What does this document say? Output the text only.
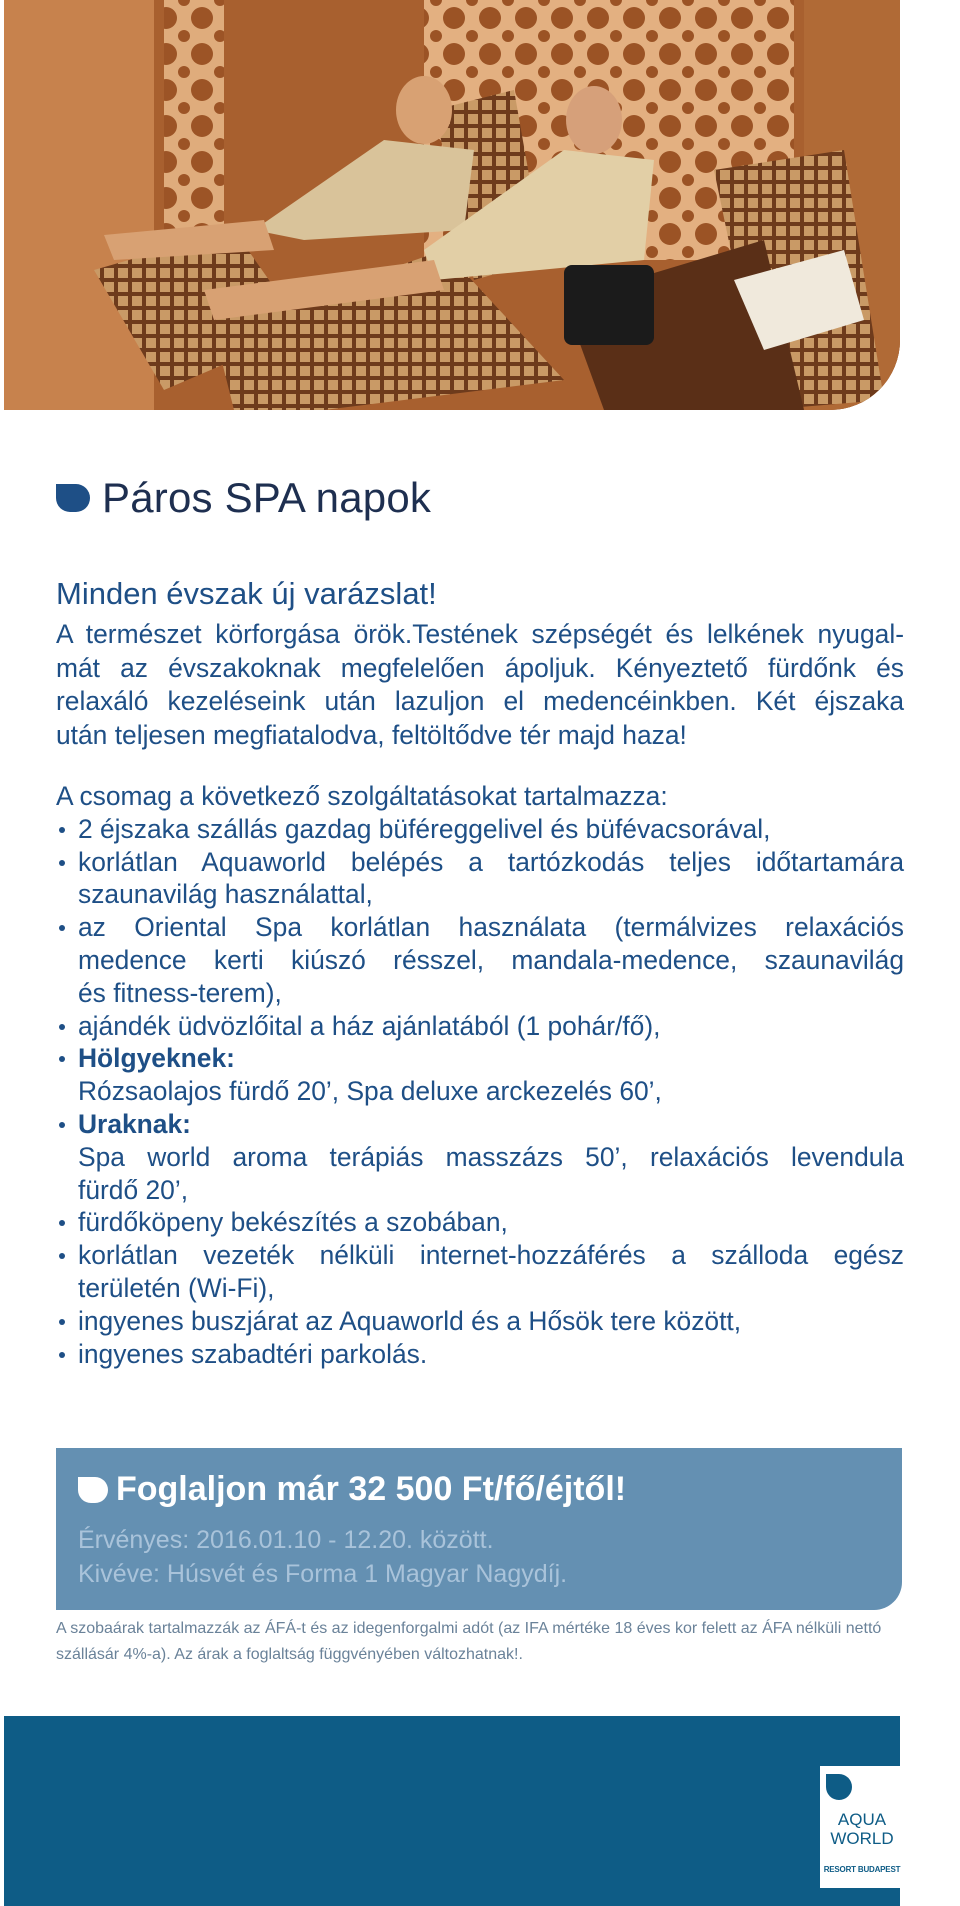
Páros SPA napok
Minden évszak új varázslat!
A természet körforgása örök.Testének szépségét és lelkének nyugal-
mát az évszakoknak megfelelően ápoljuk. Kényeztető fürdőnk és
relaxáló kezeléseink után lazuljon el medencéinkben. Két éjszaka
után teljesen megfiatalodva, feltöltődve tér majd haza!
A csomag a következő szolgáltatásokat tartalmazza:
2 éjszaka szállás gazdag büféreggelivel és büfévacsorával,
korlátlan Aquaworld belépés a tartózkodás teljes időtartamára
szaunavilág használattal,
az Oriental Spa korlátlan használata (termálvizes relaxációs
medence kerti kiúszó résszel, mandala-medence, szaunavilág
és fitness-terem),
ajándék üdvözlőital a ház ajánlatából (1 pohár/fő),
Hölgyeknek:
Rózsaolajos fürdő 20’, Spa deluxe arckezelés 60’,
Uraknak:
Spa world aroma terápiás masszázs 50’, relaxációs levendula
fürdő 20’,
fürdőköpeny bekészítés a szobában,
korlátlan vezeték nélküli internet-hozzáférés a szálloda egész
területén (Wi-Fi),
ingyenes buszjárat az Aquaworld és a Hősök tere között,
ingyenes szabadtéri parkolás.
Foglaljon már 32 500 Ft/fő/éjtől!
Érvényes: 2016.01.10 - 12.20. között.
Kivéve: Húsvét és Forma 1 Magyar Nagydíj.
A szobaárak tartalmazzák az ÁFÁ-t és az idegenforgalmi adót (az IFA mértéke 18 éves kor felett az ÁFA nélküli nettó
szállásár 4%-a). Az árak a foglaltság függvényében változhatnak!.
AQUA
WORLD
RESORT BUDAPEST
